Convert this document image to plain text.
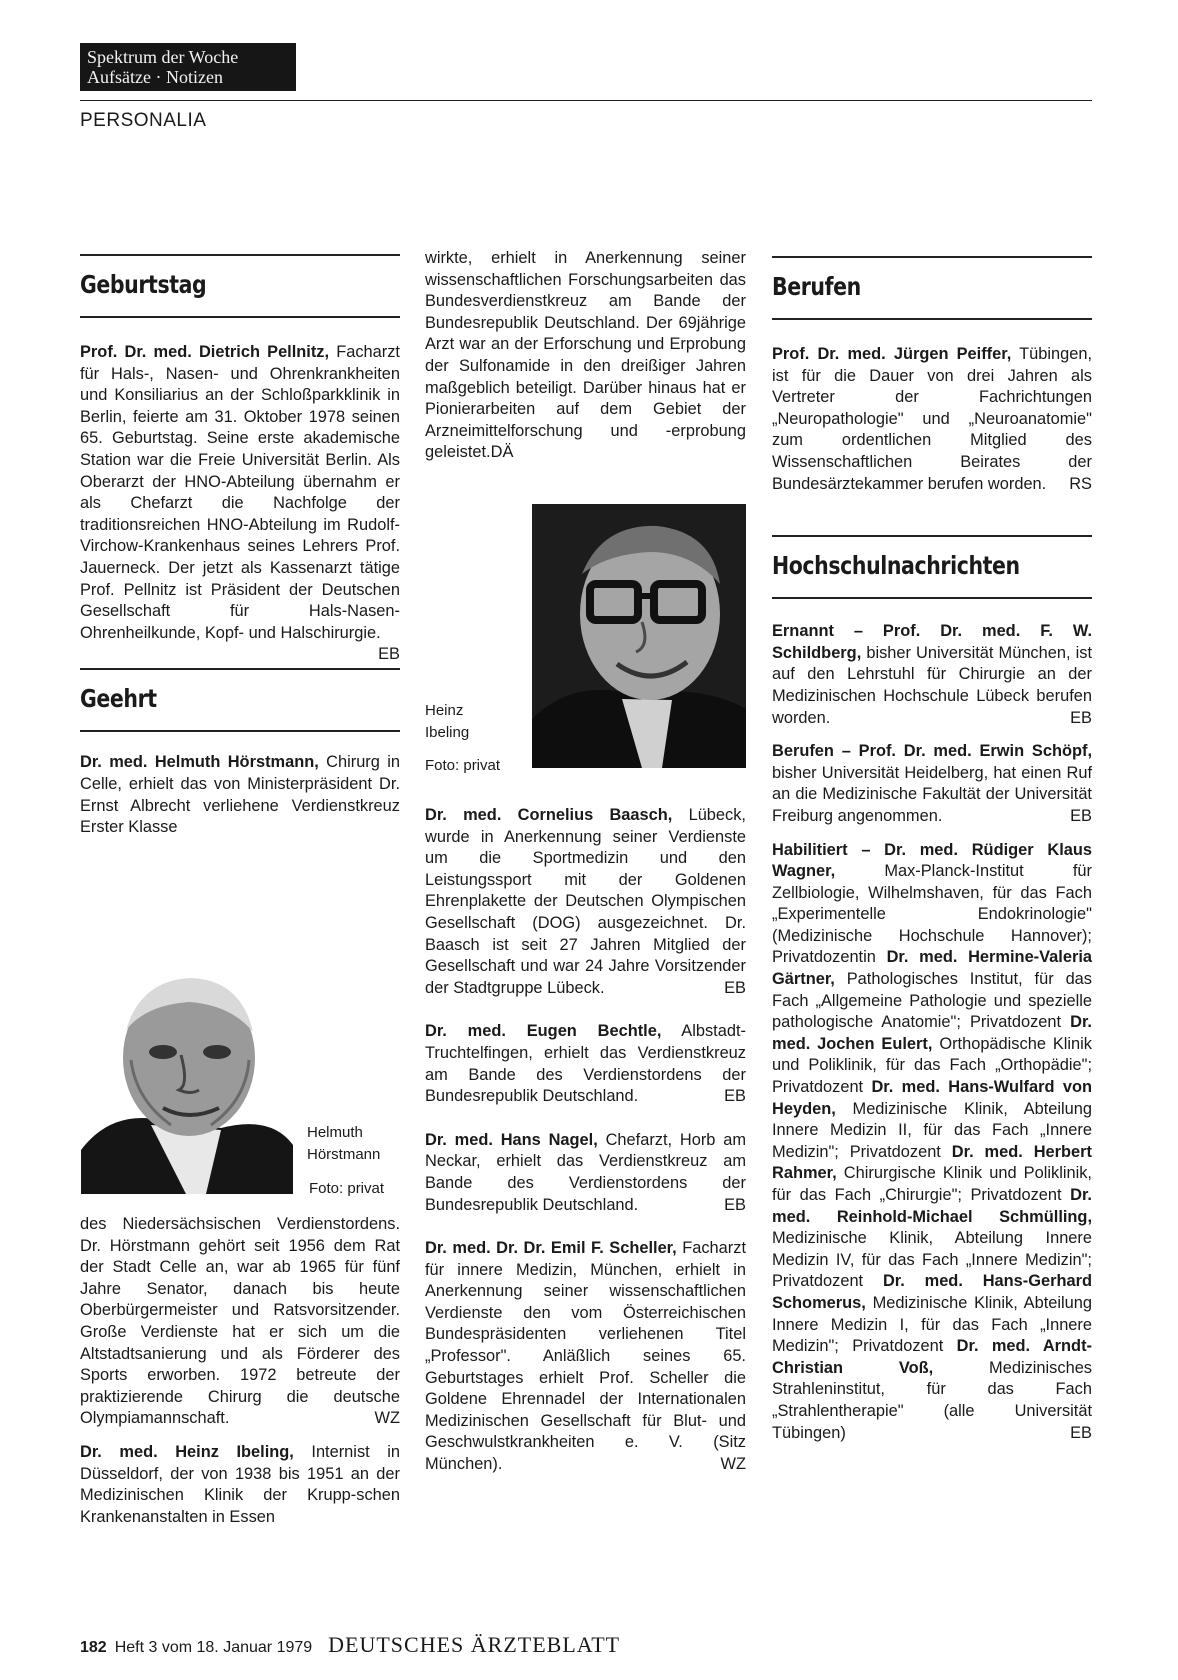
Spektrum der Woche
Aufsätze · Notizen
PERSONALIA
Geburtstag

Prof. Dr. med. Dietrich Pellnitz, Facharzt für Hals-, Nasen- und Ohrenkrankheiten und Konsiliarius an der Schloßparkklinik in Berlin, feierte am 31. Oktober 1978 seinen 65. Geburtstag. Seine erste akademische Station war die Freie Universität Berlin. Als Oberarzt der HNO-Abteilung übernahm er als Chefarzt die Nachfolge der traditionsreichen HNO-Abteilung im Rudolf-Virchow-Krankenhaus seines Lehrers Prof. Jauerneck. Der jetzt als Kassenarzt tätige Prof. Pellnitz ist Präsident der Deutschen Gesellschaft für Hals-Nasen-Ohrenheilkunde, Kopf- und Halschirurgie.
EB

Geehrt

Dr. med. Helmuth Hörstmann, Chirurg in Celle, erhielt das von Ministerpräsident Dr. Ernst Albrecht verliehene Verdienstkreuz Erster Klasse

Helmuth Hörstmann
Foto: privat

des Niedersächsischen Verdienstordens. Dr. Hörstmann gehört seit 1956 dem Rat der Stadt Celle an, war ab 1965 für fünf Jahre Senator, danach bis heute Oberbürgermeister und Ratsvorsitzender. Große Verdienste hat er sich um die Altstadtsanierung und als Förderer des Sports erworben. 1972 betreute der praktizierende Chirurg die deutsche Olympiamannschaft.	WZ

Dr. med. Heinz Ibeling, Internist in Düsseldorf, der von 1938 bis 1951 an der Medizinischen Klinik der Krupp-schen Krankenanstalten in Essen

wirkte, erhielt in Anerkennung seiner wissenschaftlichen Forschungsarbeiten das Bundesverdienstkreuz am Bande der Bundesrepublik Deutschland. Der 69jährige Arzt war an der Erforschung und Erprobung der Sulfonamide in den dreißiger Jahren maßgeblich beteiligt. Darüber hinaus hat er Pionierarbeiten auf dem Gebiet der Arzneimittelforschung und -erprobung geleistet.DÄ

Heinz Ibeling
Foto: privat

Dr. med. Cornelius Baasch, Lübeck, wurde in Anerkennung seiner Verdienste um die Sportmedizin und den Leistungssport mit der Goldenen Ehrenplakette der Deutschen Olympischen Gesellschaft (DOG) ausgezeichnet. Dr. Baasch ist seit 27 Jahren Mitglied der Gesellschaft und war 24 Jahre Vorsitzender der Stadtgruppe Lübeck.	EB

Dr. med. Eugen Bechtle, Albstadt-Truchtelfingen, erhielt das Verdienstkreuz am Bande des Verdienstordens der Bundesrepublik Deutschland.	EB

Dr. med. Hans Nagel, Chefarzt, Horb am Neckar, erhielt das Verdienstkreuz am Bande des Verdienstordens der Bundesrepublik Deutschland.	EB

Dr. med. Dr. Dr. Emil F. Scheller, Facharzt für innere Medizin, München, erhielt in Anerkennung seiner wissenschaftlichen Verdienste den vom Österreichischen Bundespräsidenten verliehenen Titel „Professor". Anläßlich seines 65. Geburtstages erhielt Prof. Scheller die Goldene Ehrennadel der Internationalen Medizinischen Gesellschaft für Blut- und Geschwulstkrankheiten e. V. (Sitz München).	WZ

Berufen

Prof. Dr. med. Jürgen Peiffer, Tübingen, ist für die Dauer von drei Jahren als Vertreter der Fachrichtungen „Neuropathologie" und „Neuroanatomie" zum ordentlichen Mitglied des Wissenschaftlichen Beirates der Bundesärztekammer berufen worden. RS

Hochschulnachrichten

Ernannt – Prof. Dr. med. F. W. Schildberg, bisher Universität München, ist auf den Lehrstuhl für Chirurgie an der Medizinischen Hochschule Lübeck berufen worden.	EB

Berufen – Prof. Dr. med. Erwin Schöpf, bisher Universität Heidelberg, hat einen Ruf an die Medizinische Fakultät der Universität Freiburg angenommen.	EB

Habilitiert – Dr. med. Rüdiger Klaus Wagner, Max-Planck-Institut für Zellbiologie, Wilhelmshaven, für das Fach „Experimentelle Endokrinologie" (Medizinische Hochschule Hannover); Privatdozentin Dr. med. Hermine-Valeria Gärtner, Pathologisches Institut, für das Fach „Allgemeine Pathologie und spezielle pathologische Anatomie"; Privatdozent Dr. med. Jochen Eulert, Orthopädische Klinik und Poliklinik, für das Fach „Orthopädie"; Privatdozent Dr. med. Hans-Wulfard von Heyden, Medizinische Klinik, Abteilung Innere Medizin II, für das Fach „Innere Medizin"; Privatdozent Dr. med. Herbert Rahmer, Chirurgische Klinik und Poliklinik, für das Fach „Chirurgie"; Privatdozent Dr. med. Reinhold-Michael Schmülling, Medizinische Klinik, Abteilung Innere Medizin IV, für das Fach „Innere Medizin"; Privatdozent Dr. med. Hans-Gerhard Schomerus, Medizinische Klinik, Abteilung Innere Medizin I, für das Fach „Innere Medizin"; Privatdozent Dr. med. Arndt-Christian Voß, Medizinisches Strahleninstitut, für das Fach „Strahlentherapie" (alle Universität Tübingen)	EB

182 Heft 3 vom 18. Januar 1979 DEUTSCHES ÄRZTEBLATT
